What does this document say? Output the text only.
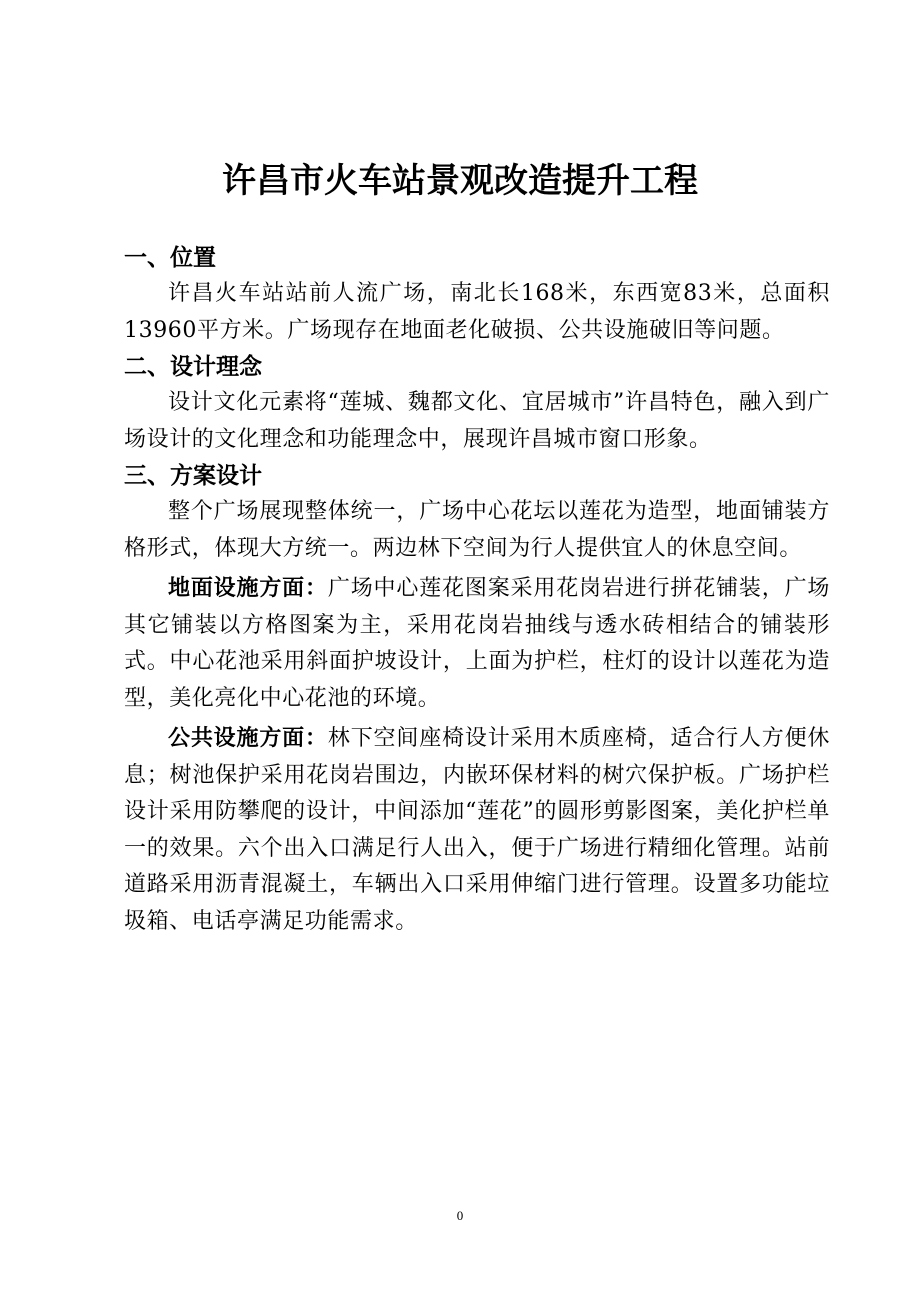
许昌市火车站景观改造提升工程
一、位置

许昌火车站站前人流广场，南北长168米，东西宽83米，总面积13960平方米。广场现存在地面老化破损、公共设施破旧等问题。

二、设计理念

设计文化元素将“莲城、魏都文化、宜居城市”许昌特色，融入到广场设计的文化理念和功能理念中，展现许昌城市窗口形象。

三、方案设计

整个广场展现整体统一，广场中心花坛以莲花为造型，地面铺装方格形式，体现大方统一。两边林下空间为行人提供宜人的休息空间。

地面设施方面：广场中心莲花图案采用花岗岩进行拼花铺装，广场其它铺装以方格图案为主，采用花岗岩抽线与透水砖相结合的铺装形式。中心花池采用斜面护坡设计，上面为护栏，柱灯的设计以莲花为造型，美化亮化中心花池的环境。

公共设施方面：林下空间座椅设计采用木质座椅，适合行人方便休息；树池保护采用花岗岩围边，内嵌环保材料的树穴保护板。广场护栏设计采用防攀爬的设计，中间添加“莲花”的圆形剪影图案，美化护栏单一的效果。六个出入口满足行人出入，便于广场进行精细化管理。站前道路采用沥青混凝土，车辆出入口采用伸缩门进行管理。设置多功能垃圾箱、电话亭满足功能需求。

0
